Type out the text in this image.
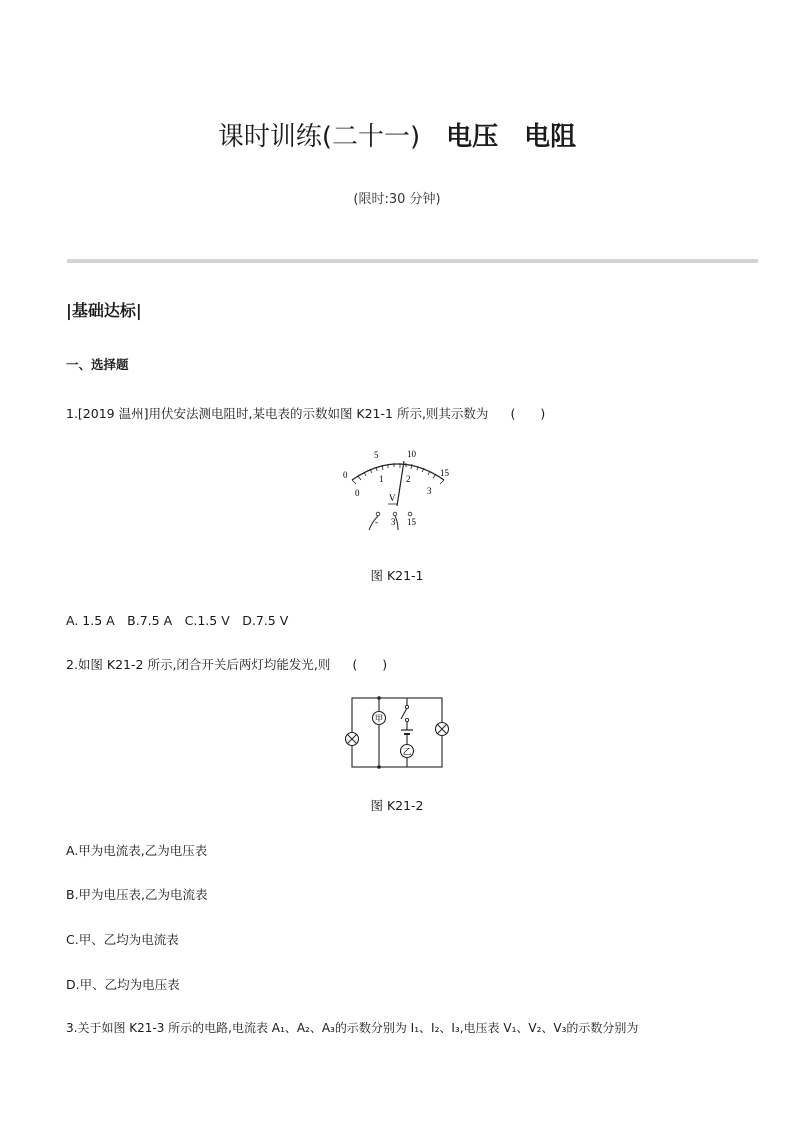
课时训练(二十一) 电压 电阻
(限时:30 分钟)
|基础达标|
一、选择题
1.[2019 温州]用伏安法测电阻时,某电表的示数如图 K21-1 所示,则其示数为 (　　)
0
5	10
15
0
1	2
3
V
- 3 15
图 K21-1
A. 1.5 A　B.7.5 A　C.1.5 V　D.7.5 V
2.如图 K21-2 所示,闭合开关后两灯均能发光,则 (　　)
甲
乙
图 K21-2
A.甲为电流表,乙为电压表
B.甲为电压表,乙为电流表
C.甲、乙均为电流表
D.甲、乙均为电压表
3.关于如图 K21-3 所示的电路,电流表 A₁、A₂、A₃的示数分别为 I₁、I₂、I₃,电压表 V₁、V₂、V₃的示数分别为
